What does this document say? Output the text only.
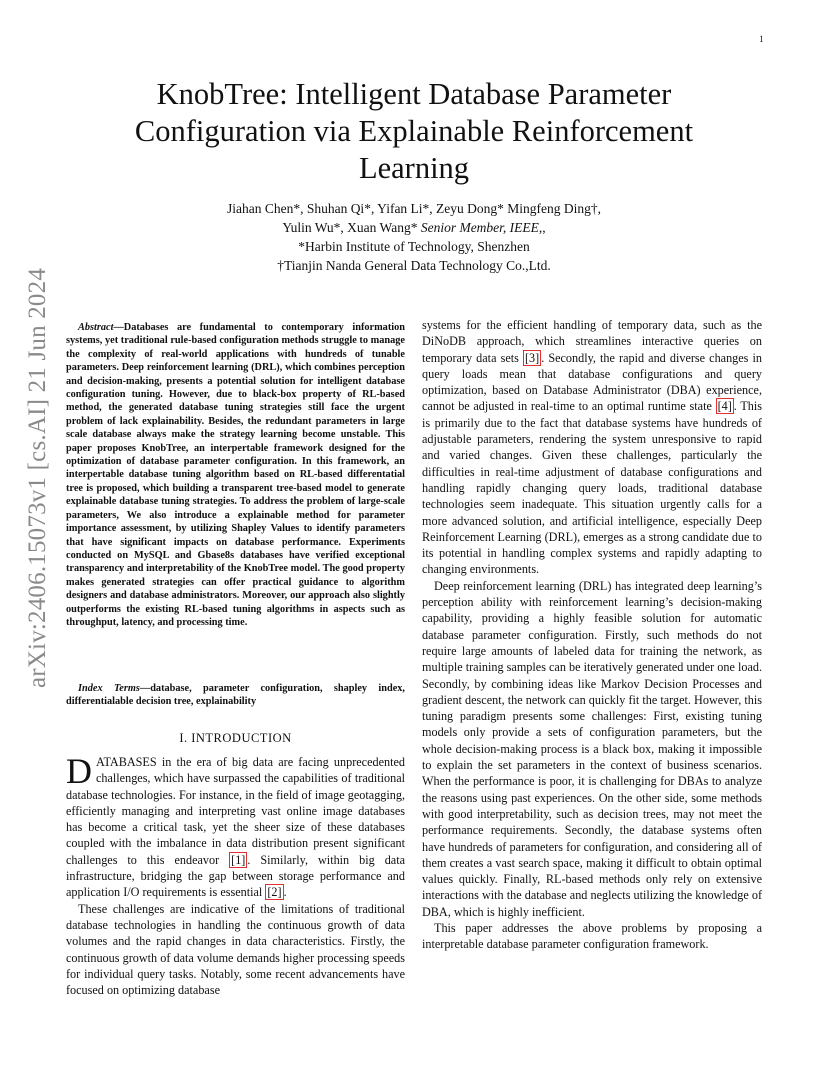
1
arXiv:2406.15073v1 [cs.AI] 21 Jun 2024
KnobTree: Intelligent Database Parameter Configuration via Explainable Reinforcement Learning
Jiahan Chen*, Shuhan Qi*, Yifan Li*, Zeyu Dong* Mingfeng Ding†,
Yulin Wu*, Xuan Wang* Senior Member, IEEE,,
*Harbin Institute of Technology, Shenzhen
†Tianjin Nanda General Data Technology Co.,Ltd.
Abstract—Databases are fundamental to contemporary information systems, yet traditional rule-based configuration methods struggle to manage the complexity of real-world applications with hundreds of tunable parameters. Deep reinforcement learning (DRL), which combines perception and decision-making, presents a potential solution for intelligent database configuration tuning. However, due to black-box property of RL-based method, the generated database tuning strategies still face the urgent problem of lack explainability. Besides, the redundant parameters in large scale database always make the strategy learning become unstable. This paper proposes KnobTree, an interpertable framework designed for the optimization of database parameter configuration. In this framework, an interpertable database tuning algorithm based on RL-based differentatial tree is proposed, which building a transparent tree-based model to generate explainable database tuning strategies. To address the problem of large-scale parameters, We also introduce a explainable method for parameter importance assessment, by utilizing Shapley Values to identify parameters that have significant impacts on database performance. Experiments conducted on MySQL and Gbase8s databases have verified exceptional transparency and interpretability of the KnobTree model. The good property makes generated strategies can offer practical guidance to algorithm designers and database administrators. Moreover, our approach also slightly outperforms the existing RL-based tuning algorithms in aspects such as throughput, latency, and processing time.
Index Terms—database, parameter configuration, shapley index, differentialable decision tree, explainability
I. INTRODUCTION

DATABASES in the era of big data are facing unprecedented challenges, which have surpassed the capabilities of traditional database technologies. For instance, in the field of image geotagging, efficiently managing and interpreting vast online image databases has become a critical task, yet the sheer size of these databases coupled with the imbalance in data distribution present significant challenges to this endeavor [1] . Similarly, within big data infrastructure, bridging the gap between storage performance and application I/O requirements is essential [2] .

These challenges are indicative of the limitations of traditional database technologies in handling the continuous growth of data volumes and the rapid changes in data characteristics. Firstly, the continuous growth of data volume demands higher processing speeds for individual query tasks. Notably, some recent advancements have focused on optimizing database

systems for the efficient handling of temporary data, such as the DiNoDB approach, which streamlines interactive queries on temporary data sets [3] . Secondly, the rapid and diverse changes in query loads mean that database configurations and query optimization, based on Database Administrator (DBA) experience, cannot be adjusted in real-time to an optimal runtime state [4] . This is primarily due to the fact that database systems have hundreds of adjustable parameters, rendering the system unresponsive to rapid and varied changes. Given these challenges, particularly the difficulties in real-time adjustment of database configurations and handling rapidly changing query loads, traditional database technologies seem inadequate. This situation urgently calls for a more advanced solution, and artificial intelligence, especially Deep Reinforcement Learning (DRL), emerges as a strong candidate due to its potential in handling complex systems and rapidly adapting to changing environments.

Deep reinforcement learning (DRL) has integrated deep learning’s perception ability with reinforcement learning’s decision-making capability, providing a highly feasible solution for automatic database parameter configuration. Firstly, such methods do not require large amounts of labeled data for training the network, as multiple training samples can be iteratively generated under one load. Secondly, by combining ideas like Markov Decision Processes and gradient descent, the network can quickly fit the target. However, this tuning paradigm presents some challenges: First, existing tuning models only provide a sets of configuration parameters, but the whole decision-making process is a black box, making it impossible to explain the set parameters in the context of business scenarios. When the performance is poor, it is challenging for DBAs to analyze the reasons using past experiences. On the other side, some methods with good interpretability, such as decision trees, may not meet the performance requirements. Secondly, the database systems often have hundreds of parameters for configuration, and considering all of them creates a vast search space, making it difficult to obtain optimal values quickly. Finally, RL-based methods only rely on extensive interactions with the database and neglects utilizing the knowledge of DBA, which is highly inefficient.

This paper addresses the above problems by proposing a interpretable database parameter configuration framework.
